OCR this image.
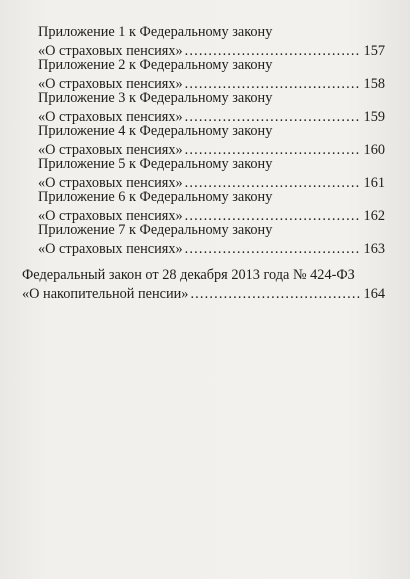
Приложение 1 к Федеральному закону
«О страховых пенсиях» . . .	157
Приложение 2 к Федеральному закону
«О страховых пенсиях» . . .	158
Приложение 3 к Федеральному закону
«О страховых пенсиях» . . .	159
Приложение 4 к Федеральному закону
«О страховых пенсиях» . . .	160
Приложение 5 к Федеральному закону
«О страховых пенсиях» . . .	161
Приложение 6 к Федеральному закону
«О страховых пенсиях» . . .	162
Приложение 7 к Федеральному закону
«О страховых пенсиях» . . .	163
Федеральный закон от 28 декабря 2013 года № 424-ФЗ
«О накопительной пенсии» . . .	164
